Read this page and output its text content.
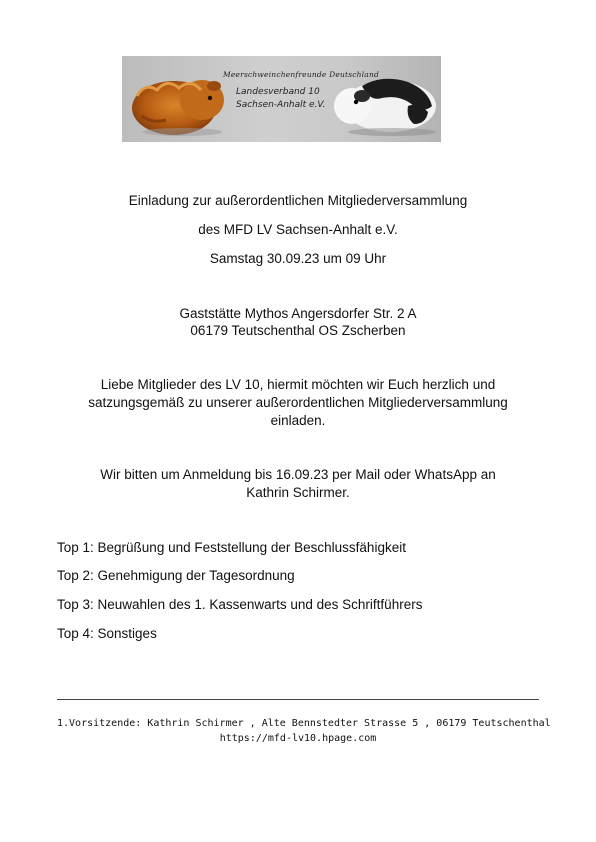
Meerschweinchenfreunde Deutschland
Landesverband 10
Sachsen-Anhalt e.V.
Einladung zur außerordentlichen Mitgliederversammlung
des MFD LV Sachsen-Anhalt e.V.
Samstag 30.09.23 um 09 Uhr
Gaststätte Mythos Angersdorfer Str. 2 A
06179 Teutschenthal OS Zscherben
Liebe Mitglieder des LV 10, hiermit möchten wir Euch herzlich und
satzungsgemäß zu unserer außerordentlichen Mitgliederversammlung
einladen.
Wir bitten um Anmeldung bis 16.09.23 per Mail oder WhatsApp an
Kathrin Schirmer.
Top 1: Begrüßung und Feststellung der Beschlussfähigkeit
Top 2: Genehmigung der Tagesordnung
Top 3: Neuwahlen des 1. Kassenwarts und des Schriftführers
Top 4: Sonstiges
1.Vorsitzende: Kathrin Schirmer , Alte Bennstedter Strasse 5 , 06179 Teutschenthal
https://mfd-lv10.hpage.com
